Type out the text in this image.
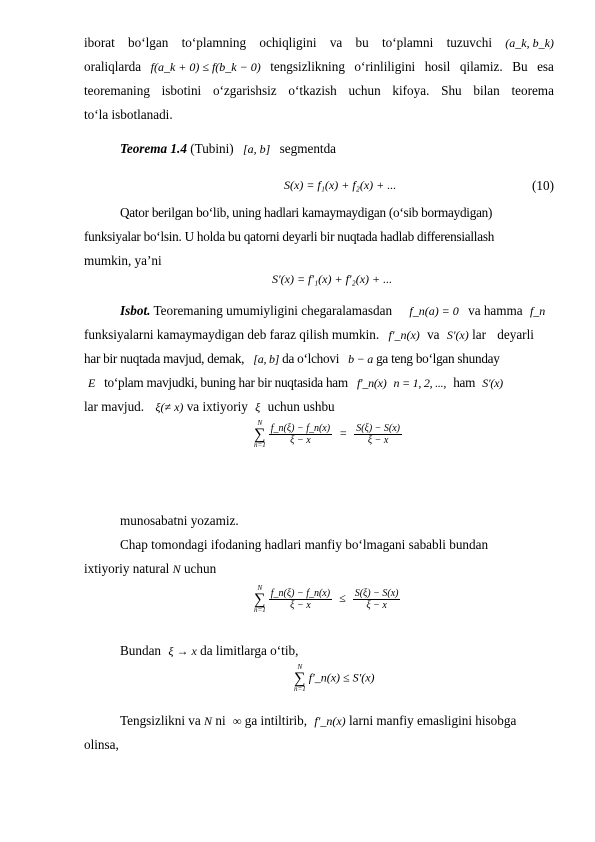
iborat bo‘lgan to‘plamning ochiqligini va bu to‘plamni tuzuvchi (a_k, b_k)
oraliqlarda f(a_k + 0) ≤ f(b_k − 0) tengsizlikning o‘rinliligini hosil qilamiz. Bu esa
teoremaning isbotini o‘zgarishsiz o‘tkazish uchun kifoya. Shu bilan teorema
to‘la isbotlanadi.
Teorema 1.4 (Tubini) [a, b] segmentda
S(x) = f₁(x) + f₂(x) + ...	(10)
Qator berilgan bo‘lib, uning hadlari kamaymaydigan (o‘sib bormaydigan)
funksiyalar bo‘lsin. U holda bu qatorni deyarli bir nuqtada hadlab differensiallash
mumkin, ya’ni
S′(x) = f′₁(x) + f′₂(x) + ...
Isbot. Teoremaning umumiyligini chegaralamasdan f_n(a) = 0 va hamma f_n
funksiyalarni kamaymaydigan deb faraz qilish mumkin. f′_n(x) va S′(x) lar deyarli
har bir nuqtada mavjud, demak, [a, b] da o‘lchovi b − a ga teng bo‘lgan shunday
E to‘plam mavjudki, buning har bir nuqtasida ham f′_n(x) n = 1, 2, ..., ham S′(x)
lar mavjud. ξ(≠ x) va ixtiyoriy ξ uchun ushbu
N
∑
n=1
$\frac{f\_n(\xi) - f\_n(x)}{\xi - x} = \frac{S(\xi) - S(x)}{\xi - x}$
munosabatni yozamiz.
Chap tomondagi ifodaning hadlari manfiy bo‘lmagani sababli bundan
ixtiyoriy natural N uchun
N
∑
n=1
$\frac{f\_n(\xi) - f\_n(x)}{\xi - x} \le \frac{S(\xi) - S(x)}{\xi - x}$
Bundan ξ → x da limitlarga o‘tib,
N
∑
n=1
f′_n(x) ≤ S′(x)
Tengsizlikni va N ni ∞ ga intiltirib, f′_n(x) larni manfiy emasligini hisobga
olinsa,
